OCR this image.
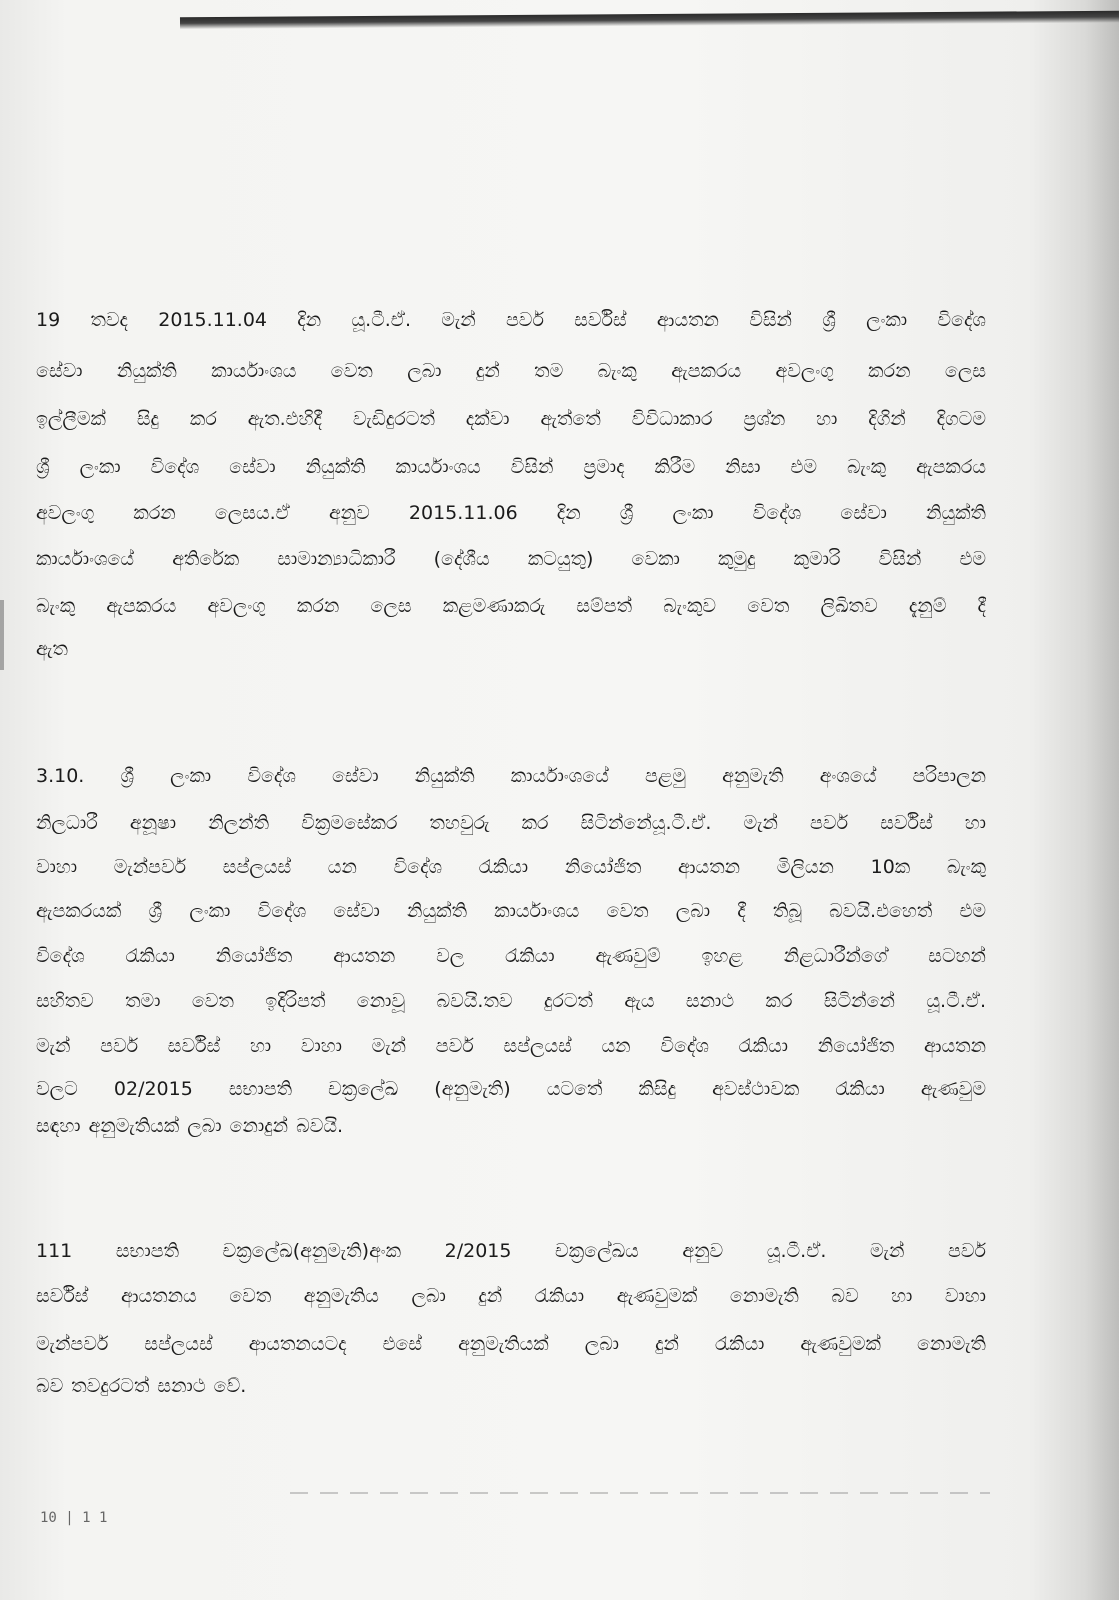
19 තවද 2015.11.04 දින යූ.ටී.ඒ. මැන් පවර් සර්විස් ආයතන විසින් ශ්‍රී ලංකා විදේශ
සේවා නියුක්ති කාර්යාංශය වෙත ලබා දුන් තම බැංකු ඇපකරය අවලංගු කරන ලෙස
ඉල්ලීමක් සිදු කර ඇත.එහිදී වැඩිදුරටත් දක්වා ඇත්තේ විවිධාකාර ප්‍රශ්න හා දිගින් දිගටම
ශ්‍රී ලංකා විදේශ සේවා නියුක්ති කාර්යාංශය විසින් ප්‍රමාද කිරීම නිසා එම බැංකු ඇපකරය
අවලංගු කරන ලෙසය.ඒ අනුව 2015.11.06 දින ශ්‍රී ලංකා විදේශ සේවා නියුක්ති
කාර්යාංශයේ අතිරේක සාමාන්‍යාධිකාරී (දේශීය කටයුතු) වෙකා කුමුදු කුමාරි විසින් එම
බැංකු ඇපකරය අවලංගු කරන ලෙස කළමණාකරු සම්පත් බැංකුව වෙත ලිඛිතව දැනුම් දී
ඇත
3.10. ශ්‍රී ලංකා විදේශ සේවා නියුක්ති කාර්යාංශයේ පළමු අනුමැති අංශයේ පරිපාලන
නිලධාරී අනූෂා නිලන්ති වික්‍රමසේකර තහවුරු කර සිටින්නේයූ.ටී.ඒ. මැන් පවර් සර්විස් හා
වාහා මැන්පවර් සප්ලයස් යන විදේශ රැකියා නියෝජිත ආයතන මිලියන 10ක බැංකු
ඇපකරයක් ශ්‍රී ලංකා විදේශ සේවා නියුක්ති කාර්යාංශය වෙත ලබා දී තිබූ බවයි.එහෙත් එම
විදේශ රැකියා නියෝජිත ආයතන වල රැකියා ඇණවුම් ඉහළ නිළධාරීන්ගේ සටහන්
සහිතව තමා වෙත ඉදිරිපත් නොවූ බවයි.තව දුරටත් ඇය සනාථ කර සිටින්නේ යූ.ටී.ඒ.
මැන් පවර් සර්විස් හා වාහා මැන් පවර් සප්ලයස් යන විදේශ රැකියා නියෝජිත ආයතන
වලට 02/2015 සභාපති චක්‍රලේඛ (අනුමැති) යටතේ කිසිදු අවස්ථාවක රැකියා ඇණවුම
සඳහා අනුමැතියක් ලබා නොදුන් බවයි.
111 සභාපති චක්‍රලේඛ(අනුමැති)අංක 2/2015 චක්‍රලේඛය අනුව යූ.ටී.ඒ. මැන් පවර්
සර්විස් ආයතනය වෙත අනුමැතිය ලබා දුන් රැකියා ඇණවුමක් නොමැති බව හා වාහා
මැන්පවර් සප්ලයස් ආයතනයටද එසේ අනුමැතියක් ලබා දුන් රැකියා ඇණවුමක් නොමැති
බව තවදුරටත් සනාථ වේ.
10 | 1 1
